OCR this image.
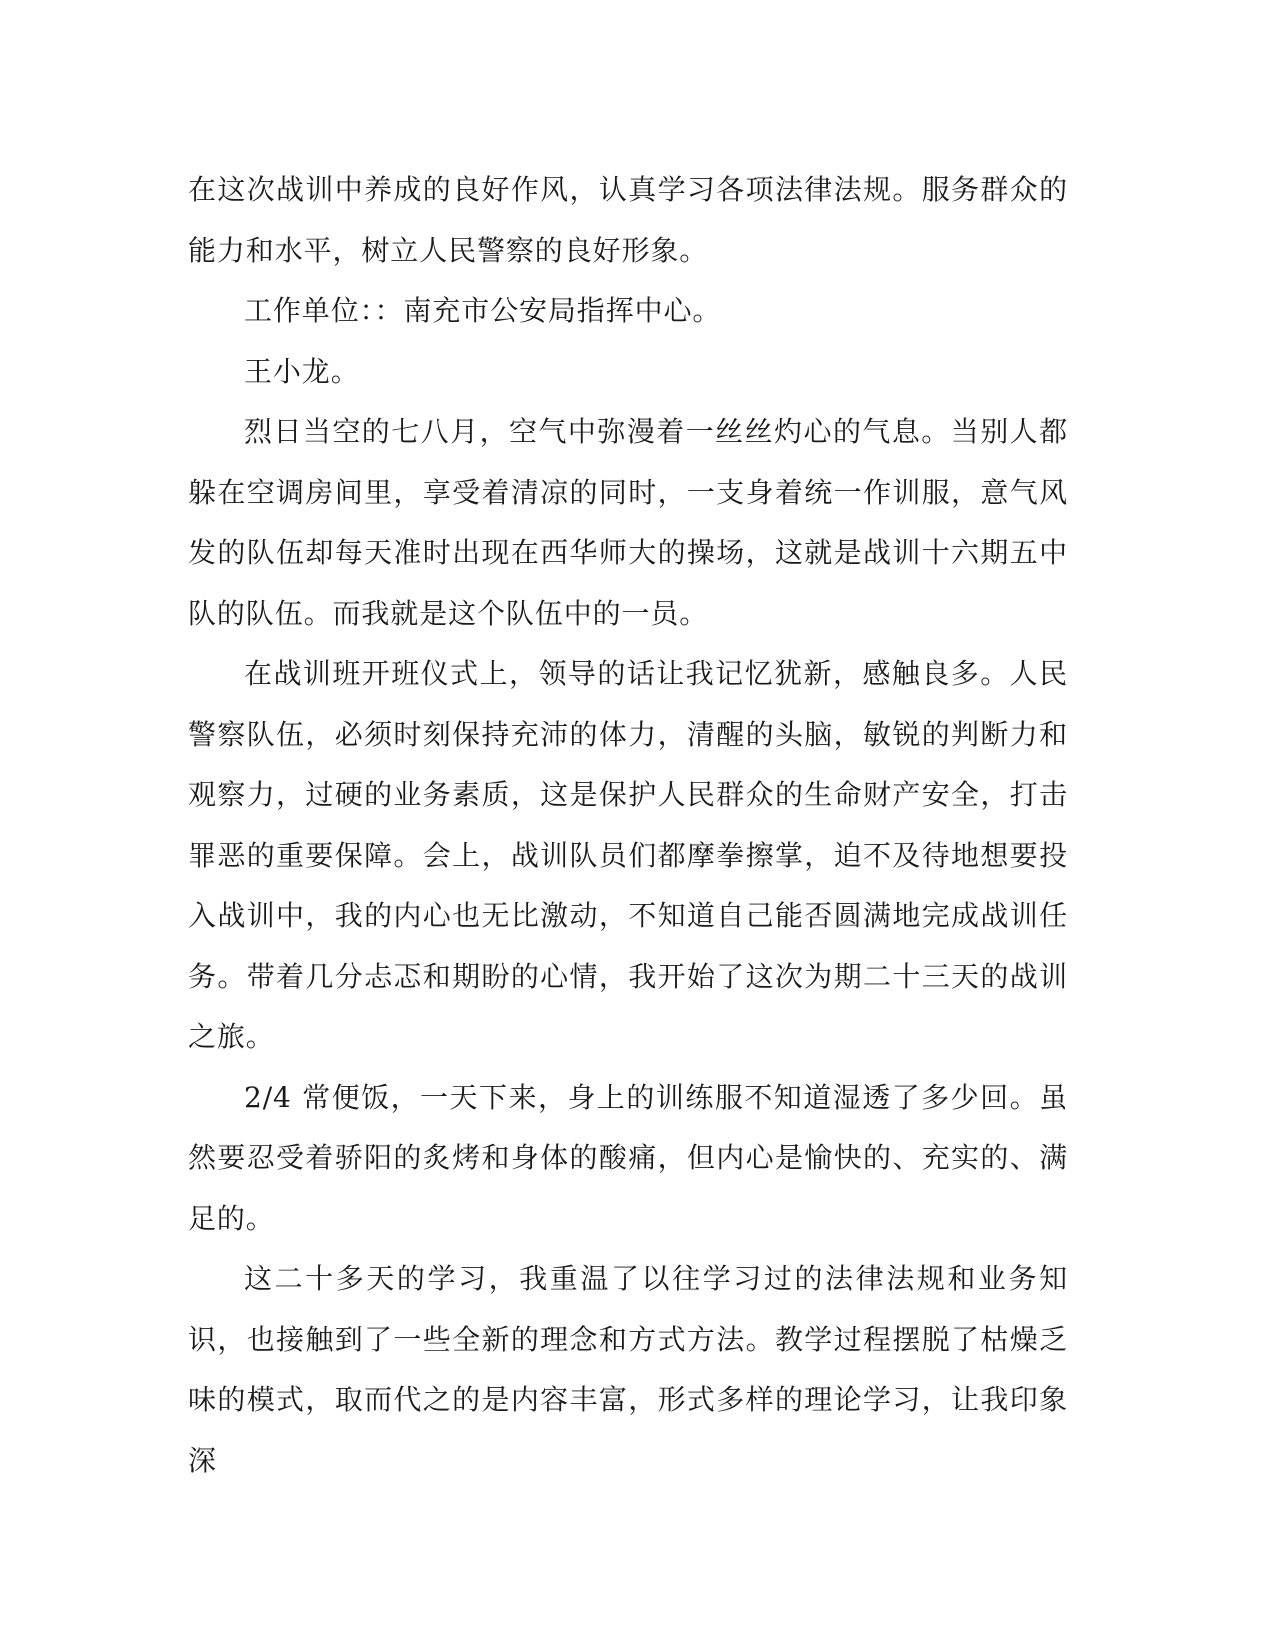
在这次战训中养成的良好作风，认真学习各项法律法规。服务群众的能力和水平，树立人民警察的良好形象。

工作单位：：南充市公安局指挥中心。

王小龙。

烈日当空的七八月，空气中弥漫着一丝丝灼心的气息。当别人都躲在空调房间里，享受着清凉的同时，一支身着统一作训服，意气风发的队伍却每天准时出现在西华师大的操场，这就是战训十六期五中队的队伍。而我就是这个队伍中的一员。

在战训班开班仪式上，领导的话让我记忆犹新，感触良多。人民警察队伍，必须时刻保持充沛的体力，清醒的头脑，敏锐的判断力和观察力，过硬的业务素质，这是保护人民群众的生命财产安全，打击罪恶的重要保障。会上，战训队员们都摩拳擦掌，迫不及待地想要投入战训中，我的内心也无比激动，不知道自己能否圆满地完成战训任务。带着几分忐忑和期盼的心情，我开始了这次为期二十三天的战训之旅。

2/4 常便饭，一天下来，身上的训练服不知道湿透了多少回。虽然要忍受着骄阳的炙烤和身体的酸痛，但内心是愉快的、充实的、满足的。

这二十多天的学习，我重温了以往学习过的法律法规和业务知识，也接触到了一些全新的理念和方式方法。教学过程摆脱了枯燥乏味的模式，取而代之的是内容丰富，形式多样的理论学习，让我印象深
